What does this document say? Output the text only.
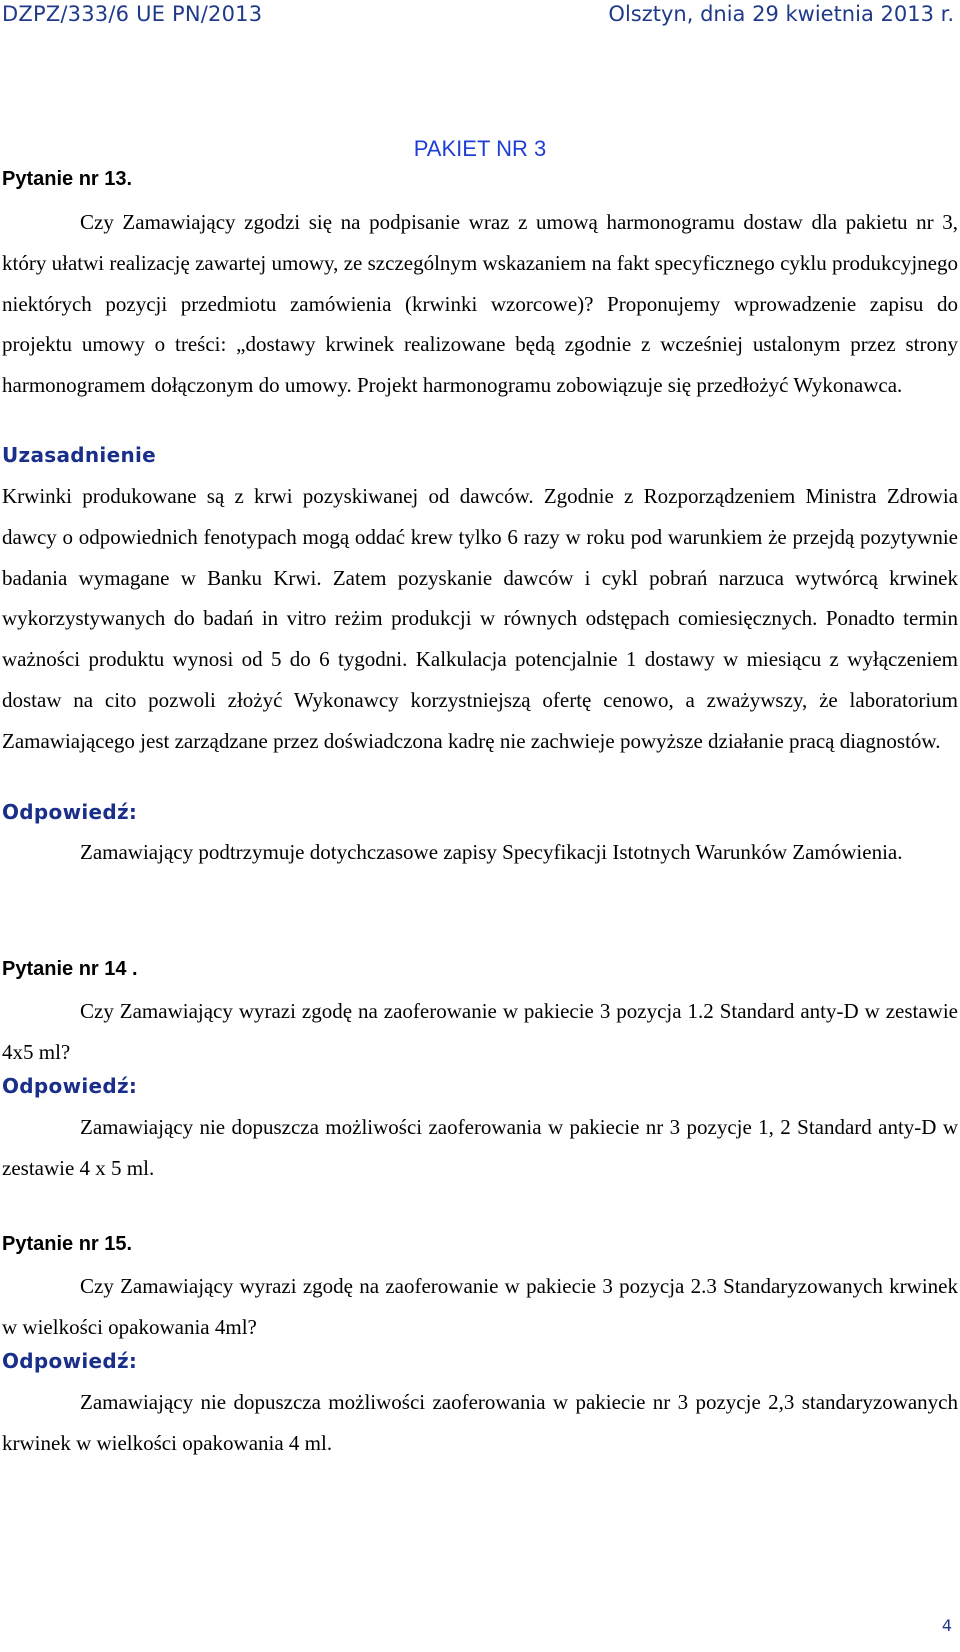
DZPZ/333/6 UE PN/2013	Olsztyn, dnia 29 kwietnia 2013 r.
PAKIET NR 3
Pytanie nr 13.

Czy Zamawiający zgodzi się na podpisanie wraz z umową harmonogramu dostaw dla pakietu nr 3, który ułatwi realizację zawartej umowy, ze szczególnym wskazaniem na fakt specyficznego cyklu produkcyjnego niektórych pozycji przedmiotu zamówienia (krwinki wzorcowe)? Proponujemy wprowadzenie zapisu do projektu umowy o treści: „dostawy krwinek realizowane będą zgodnie z wcześniej ustalonym przez strony harmonogramem dołączonym do umowy. Projekt harmonogramu zobowiązuje się przedłożyć Wykonawca.

Uzasadnienie

Krwinki produkowane są z krwi pozyskiwanej od dawców. Zgodnie z Rozporządzeniem Ministra Zdrowia dawcy o odpowiednich fenotypach mogą oddać krew tylko 6 razy w roku pod warunkiem że przejdą pozytywnie badania wymagane w Banku Krwi. Zatem pozyskanie dawców i cykl pobrań narzuca wytwórcą krwinek wykorzystywanych do badań in vitro reżim produkcji w równych odstępach comiesięcznych. Ponadto termin ważności produktu wynosi od 5 do 6 tygodni. Kalkulacja potencjalnie 1 dostawy w miesiącu z wyłączeniem dostaw na cito pozwoli złożyć Wykonawcy korzystniejszą ofertę cenowo, a zważywszy, że laboratorium Zamawiającego jest zarządzane przez doświadczona kadrę nie zachwieje powyższe działanie pracą diagnostów.

Odpowiedź:

Zamawiający podtrzymuje dotychczasowe zapisy Specyfikacji Istotnych Warunków Zamówienia.

Pytanie nr 14 .

Czy Zamawiający wyrazi zgodę na zaoferowanie w pakiecie 3 pozycja 1.2 Standard anty-D w zestawie 4x5 ml?

Odpowiedź:

Zamawiający nie dopuszcza możliwości zaoferowania w pakiecie nr 3 pozycje 1, 2 Standard anty-D w zestawie 4 x 5 ml.

Pytanie nr 15.

Czy Zamawiający wyrazi zgodę na zaoferowanie w pakiecie 3 pozycja 2.3 Standaryzowanych krwinek w wielkości opakowania 4ml?

Odpowiedź:

Zamawiający nie dopuszcza możliwości zaoferowania w pakiecie nr 3 pozycje 2,3 standaryzowanych krwinek w wielkości opakowania 4 ml.

4
